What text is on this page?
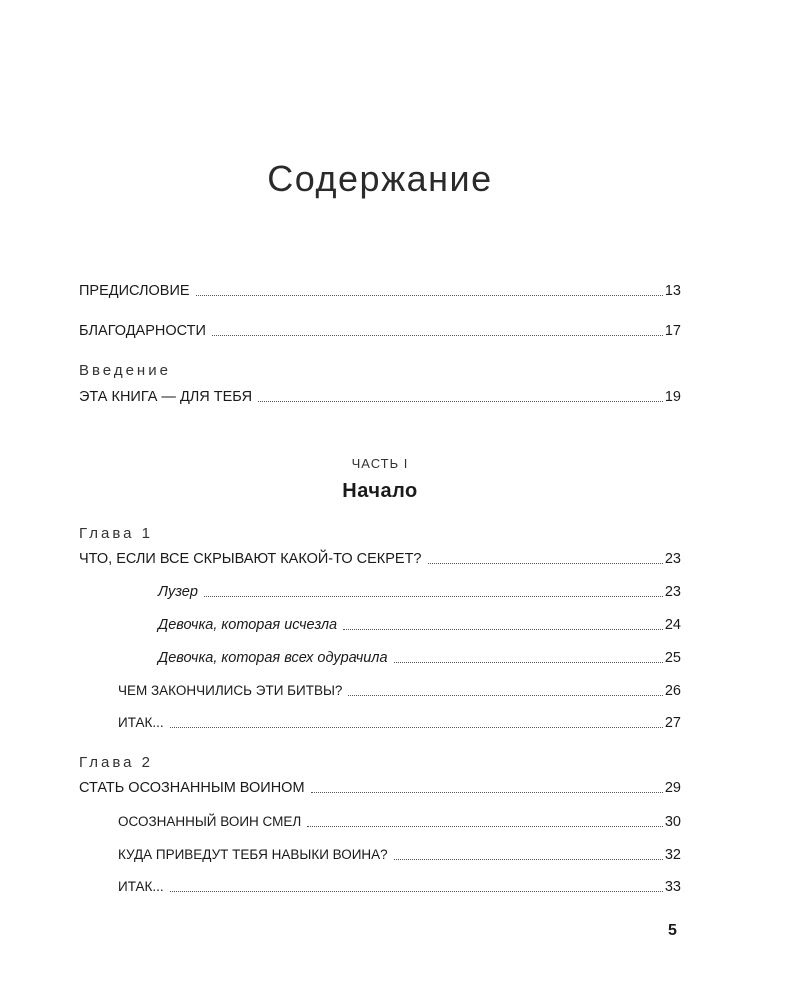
Содержание
ПРЕДИСЛОВИЕ	13
БЛАГОДАРНОСТИ	17
Введение
ЭТА КНИГА — ДЛЯ ТЕБЯ	19
ЧАСТЬ I
Начало
Глава 1
ЧТО, ЕСЛИ ВСЕ СКРЫВАЮТ КАКОЙ-ТО СЕКРЕТ?	23
Лузер	23
Девочка, которая исчезла	24
Девочка, которая всех одурачила	25
ЧЕМ ЗАКОНЧИЛИСЬ ЭТИ БИТВЫ?	26
ИТАК...	27
Глава 2
СТАТЬ ОСОЗНАННЫМ ВОИНОМ	29
ОСОЗНАННЫЙ ВОИН СМЕЛ	30
КУДА ПРИВЕДУТ ТЕБЯ НАВЫКИ ВОИНА?	32
ИТАК...	33
5
